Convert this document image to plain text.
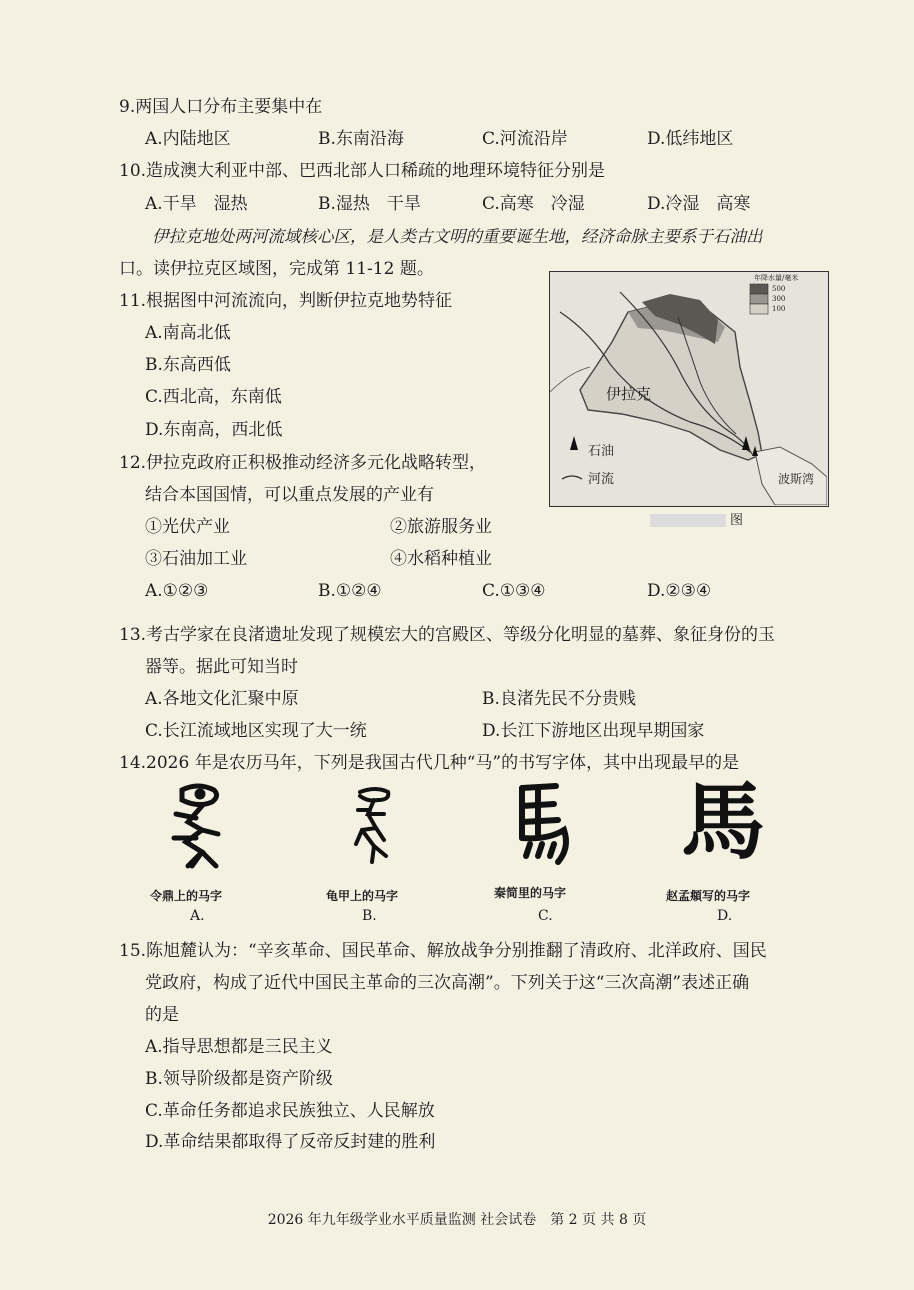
9.两国人口分布主要集中在
A.内陆地区	B.东南沿海	C.河流沿岸	D.低纬地区
10.造成澳大利亚中部、巴西北部人口稀疏的地理环境特征分别是
A.干旱　湿热	B.湿热　干旱	C.高寒　冷湿	D.冷湿　高寒
伊拉克地处两河流域核心区，是人类古文明的重要诞生地，经济命脉主要系于石油出
口。读伊拉克区域图，完成第 11-12 题。
11.根据图中河流流向，判断伊拉克地势特征
A.南高北低
B.东高西低
C.西北高，东南低
D.东南高，西北低
12.伊拉克政府正积极推动经济多元化战略转型，
结合本国国情，可以重点发展的产业有
①光伏产业	②旅游服务业
③石油加工业	④水稻种植业
A.①②③	B.①②④	C.①③④	D.②③④
年降水量/毫米
500
300
100
伊拉克
波斯湾
石油
河流
图
13.考古学家在良渚遗址发现了规模宏大的宫殿区、等级分化明显的墓葬、象征身份的玉
器等。据此可知当时
A.各地文化汇聚中原	B.良渚先民不分贵贱
C.长江流域地区实现了大一统	D.长江下游地区出现早期国家
14.2026 年是农历马年，下列是我国古代几种“马”的书写字体，其中出现最早的是
馬
令鼎上的马字	龟甲上的马字	秦简里的马字	赵孟頫写的马字
A.	B.	C.	D.
15.陈旭麓认为：“辛亥革命、国民革命、解放战争分别推翻了清政府、北洋政府、国民
党政府，构成了近代中国民主革命的三次高潮”。下列关于这“三次高潮”表述正确
的是
A.指导思想都是三民主义
B.领导阶级都是资产阶级
C.革命任务都追求民族独立、人民解放
D.革命结果都取得了反帝反封建的胜利
2026 年九年级学业水平质量监测 社会试卷　第 2 页 共 8 页
